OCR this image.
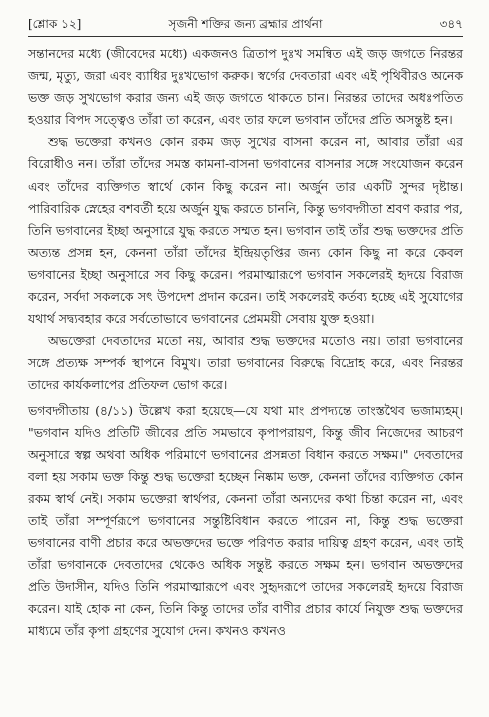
[শ্লোক ১২]	সৃজনী শক্তির জন্য ব্রহ্মার প্রার্থনা	৩৪৭

সন্তানদের মধ্যে (জীবেদের মধ্যে) একজনও ত্রিতাপ দুঃখ সমন্বিত এই জড় জগতে নিরন্তর জন্ম, মৃত্যু, জরা এবং ব্যাধির দুঃখভোগ করুক। স্বর্গের দেবতারা এবং এই পৃথিবীরও অনেক ভক্ত জড় সুখভোগ করার জন্য এই জড় জগতে থাকতে চান। নিরন্তর তাদের অধঃপতিত হওয়ার বিপদ সত্ত্বেও তাঁরা তা করেন, এবং তার ফলে ভগবান তাঁদের প্রতি অসন্তুষ্ট হন।

শুদ্ধ ভক্তেরা কখনও কোন রকম জড় সুখের বাসনা করেন না, আবার তাঁরা এর বিরোধীও নন। তাঁরা তাঁদের সমস্ত কামনা-বাসনা ভগবানের বাসনার সঙ্গে সংযোজন করেন এবং তাঁদের ব্যক্তিগত স্বার্থে কোন কিছু করেন না। অর্জুন তার একটি সুন্দর দৃষ্টান্ত। পারিবারিক স্নেহের বশবর্তী হয়ে অর্জুন যুদ্ধ করতে চাননি, কিন্তু ভগবদ্গীতা শ্রবণ করার পর, তিনি ভগবানের ইচ্ছা অনুসারে যুদ্ধ করতে সম্মত হন। ভগবান তাই তাঁর শুদ্ধ ভক্তদের প্রতি অত্যন্ত প্রসন্ন হন, কেননা তাঁরা তাঁদের ইন্দ্রিয়তৃপ্তির জন্য কোন কিছু না করে কেবল ভগবানের ইচ্ছা অনুসারে সব কিছু করেন। পরমাত্মারূপে ভগবান সকলেরই হৃদয়ে বিরাজ করেন, সর্বদা সকলকে সৎ উপদেশ প্রদান করেন। তাই সকলেরই কর্তব্য হচ্ছে এই সুযোগের যথার্থ সদ্ব্যবহার করে সর্বতোভাবে ভগবানের প্রেমময়ী সেবায় যুক্ত হওয়া।

অভক্তেরা দেবতাদের মতো নয়, আবার শুদ্ধ ভক্তদের মতোও নয়। তারা ভগবানের সঙ্গে প্রত্যক্ষ সম্পর্ক স্থাপনে বিমুখ। তারা ভগবানের বিরুদ্ধে বিদ্রোহ করে, এবং নিরন্তর তাদের কার্যকলাপের প্রতিফল ভোগ করে।

ভগবদ্গীতায় (৪/১১) উল্লেখ করা হয়েছে—যে যথা মাং প্রপদ্যন্তে তাংস্তথৈব ভজাম্যহম্। "ভগবান যদিও প্রতিটি জীবের প্রতি সমভাবে কৃপাপরায়ণ, কিন্তু জীব নিজেদের আচরণ অনুসারে স্বল্প অথবা অধিক পরিমাণে ভগবানের প্রসন্নতা বিধান করতে সক্ষম।" দেবতাদের বলা হয় সকাম ভক্ত কিন্তু শুদ্ধ ভক্তেরা হচ্ছেন নিষ্কাম ভক্ত, কেননা তাঁদের ব্যক্তিগত কোন রকম স্বার্থ নেই। সকাম ভক্তেরা স্বার্থপর, কেননা তাঁরা অন্যদের কথা চিন্তা করেন না, এবং তাই তাঁরা সম্পূর্ণরূপে ভগবানের সন্তুষ্টিবিধান করতে পারেন না, কিন্তু শুদ্ধ ভক্তেরা ভগবানের বাণী প্রচার করে অভক্তদের ভক্তে পরিণত করার দায়িত্ব গ্রহণ করেন, এবং তাই তাঁরা ভগবানকে দেবতাদের থেকেও অধিক সন্তুষ্ট করতে সক্ষম হন। ভগবান অভক্তদের প্রতি উদাসীন, যদিও তিনি পরমাত্মারূপে এবং সুহৃদরূপে তাদের সকলেরই হৃদয়ে বিরাজ করেন। যাই হোক না কেন, তিনি কিন্তু তাদের তাঁর বাণীর প্রচার কার্যে নিযুক্ত শুদ্ধ ভক্তদের মাধ্যমে তাঁর কৃপা গ্রহণের সুযোগ দেন। কখনও কখনও
